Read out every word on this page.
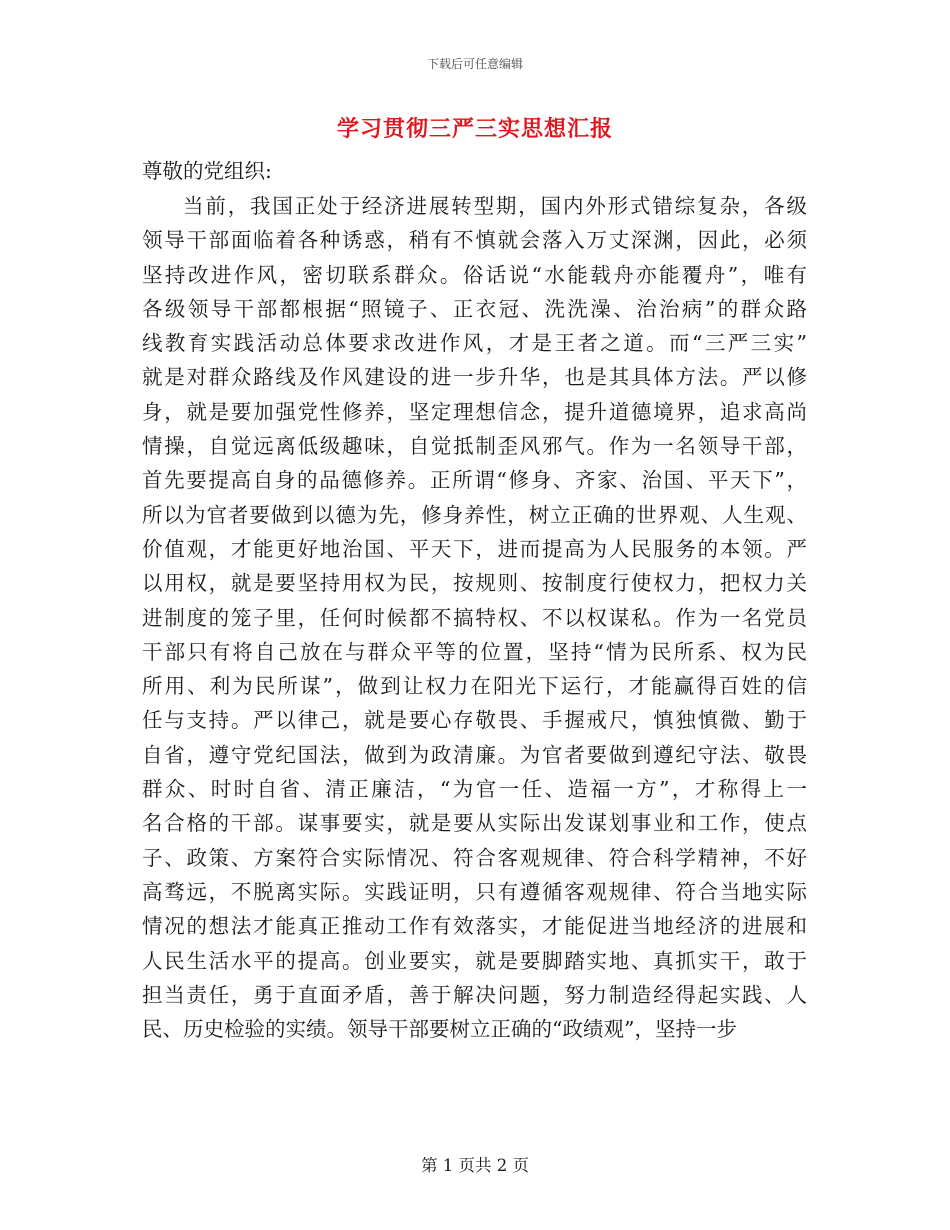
下载后可任意编辑
学习贯彻三严三实思想汇报
尊敬的党组织:
当前，我国正处于经济进展转型期，国内外形式错综复杂，各级
领导干部面临着各种诱惑，稍有不慎就会落入万丈深渊，因此，必须
坚持改进作风，密切联系群众。俗话说“水能载舟亦能覆舟”，唯有
各级领导干部都根据“照镜子、正衣冠、洗洗澡、治治病”的群众路
线教育实践活动总体要求改进作风，才是王者之道。而“三严三实”
就是对群众路线及作风建设的进一步升华，也是其具体方法。严以修
身，就是要加强党性修养，坚定理想信念，提升道德境界，追求高尚
情操，自觉远离低级趣味，自觉抵制歪风邪气。作为一名领导干部，
首先要提高自身的品德修养。正所谓“修身、齐家、治国、平天下”，
所以为官者要做到以德为先，修身养性，树立正确的世界观、人生观、
价值观，才能更好地治国、平天下，进而提高为人民服务的本领。严
以用权，就是要坚持用权为民，按规则、按制度行使权力，把权力关
进制度的笼子里，任何时候都不搞特权、不以权谋私。作为一名党员
干部只有将自己放在与群众平等的位置，坚持“情为民所系、权为民
所用、利为民所谋”，做到让权力在阳光下运行，才能赢得百姓的信
任与支持。严以律己，就是要心存敬畏、手握戒尺，慎独慎微、勤于
自省，遵守党纪国法，做到为政清廉。为官者要做到遵纪守法、敬畏
群众、时时自省、清正廉洁，“为官一任、造福一方”，才称得上一
名合格的干部。谋事要实，就是要从实际出发谋划事业和工作，使点
子、政策、方案符合实际情况、符合客观规律、符合科学精神，不好
高骛远，不脱离实际。实践证明，只有遵循客观规律、符合当地实际
情况的想法才能真正推动工作有效落实，才能促进当地经济的进展和
人民生活水平的提高。创业要实，就是要脚踏实地、真抓实干，敢于
担当责任，勇于直面矛盾，善于解决问题，努力制造经得起实践、人
民、历史检验的实绩。领导干部要树立正确的“政绩观”，坚持一步
第 1 页共 2 页
